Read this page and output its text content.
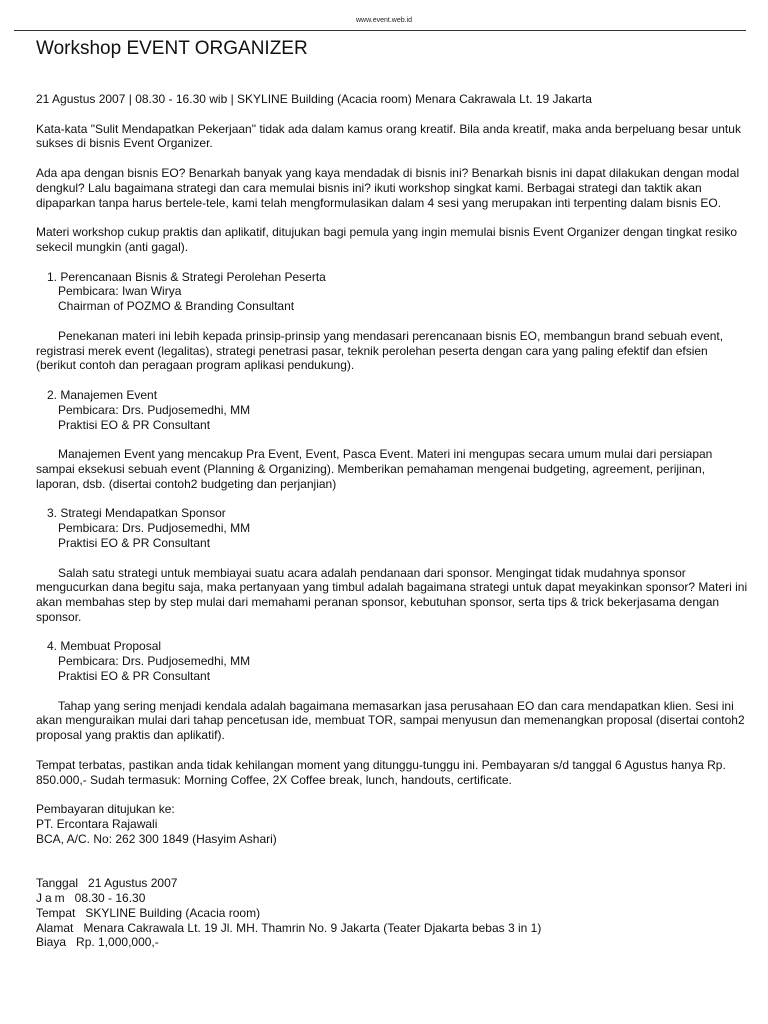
www.event.web.id
Workshop EVENT ORGANIZER

21 Agustus 2007 | 08.30 - 16.30 wib | SKYLINE Building (Acacia room) Menara Cakrawala Lt. 19 Jakarta

Kata-kata "Sulit Mendapatkan Pekerjaan" tidak ada dalam kamus orang kreatif. Bila anda kreatif, maka anda berpeluang besar untuk sukses di bisnis Event Organizer.

Ada apa dengan bisnis EO? Benarkah banyak yang kaya mendadak di bisnis ini? Benarkah bisnis ini dapat dilakukan dengan modal dengkul? Lalu bagaimana strategi dan cara memulai bisnis ini? ikuti workshop singkat kami. Berbagai strategi dan taktik akan dipaparkan tanpa harus bertele-tele, kami telah mengformulasikan dalam 4 sesi yang merupakan inti terpenting dalam bisnis EO.

Materi workshop cukup praktis dan aplikatif, ditujukan bagi pemula yang ingin memulai bisnis Event Organizer dengan tingkat resiko sekecil mungkin (anti gagal).

1. Perencanaan Bisnis & Strategi Perolehan Peserta
Pembicara: Iwan Wirya
Chairman of POZMO & Branding Consultant

Penekanan materi ini lebih kepada prinsip-prinsip yang mendasari perencanaan bisnis EO, membangun brand sebuah event, registrasi merek event (legalitas), strategi penetrasi pasar, teknik perolehan peserta dengan cara yang paling efektif dan efsien (berikut contoh dan peragaan program aplikasi pendukung).

2. Manajemen Event
Pembicara: Drs. Pudjosemedhi, MM
Praktisi EO & PR Consultant

Manajemen Event yang mencakup Pra Event, Event, Pasca Event. Materi ini mengupas secara umum mulai dari persiapan sampai eksekusi sebuah event (Planning & Organizing). Memberikan pemahaman mengenai budgeting, agreement, perijinan, laporan, dsb. (disertai contoh2 budgeting dan perjanjian)

3. Strategi Mendapatkan Sponsor
Pembicara: Drs. Pudjosemedhi, MM
Praktisi EO & PR Consultant

Salah satu strategi untuk membiayai suatu acara adalah pendanaan dari sponsor. Mengingat tidak mudahnya sponsor mengucurkan dana begitu saja, maka pertanyaan yang timbul adalah bagaimana strategi untuk dapat meyakinkan sponsor? Materi ini akan membahas step by step mulai dari memahami peranan sponsor, kebutuhan sponsor, serta tips & trick bekerjasama dengan sponsor.

4. Membuat Proposal
Pembicara: Drs. Pudjosemedhi, MM
Praktisi EO & PR Consultant

Tahap yang sering menjadi kendala adalah bagaimana memasarkan jasa perusahaan EO dan cara mendapatkan klien. Sesi ini akan menguraikan mulai dari tahap pencetusan ide, membuat TOR, sampai menyusun dan memenangkan proposal (disertai contoh2 proposal yang praktis dan aplikatif).

Tempat terbatas, pastikan anda tidak kehilangan moment yang ditunggu-tunggu ini. Pembayaran s/d tanggal 6 Agustus hanya Rp. 850.000,- Sudah termasuk: Morning Coffee, 2X Coffee break, lunch, handouts, certificate.

Pembayaran ditujukan ke:
PT. Ercontara Rajawali
BCA, A/C. No: 262 300 1849 (Hasyim Ashari)
Tanggal 21 Agustus 2007
Jam 08.30 - 16.30
Tempat SKYLINE Building (Acacia room)
Alamat Menara Cakrawala Lt. 19 Jl. MH. Thamrin No. 9 Jakarta (Teater Djakarta bebas 3 in 1)
Biaya Rp. 1,000,000,-
